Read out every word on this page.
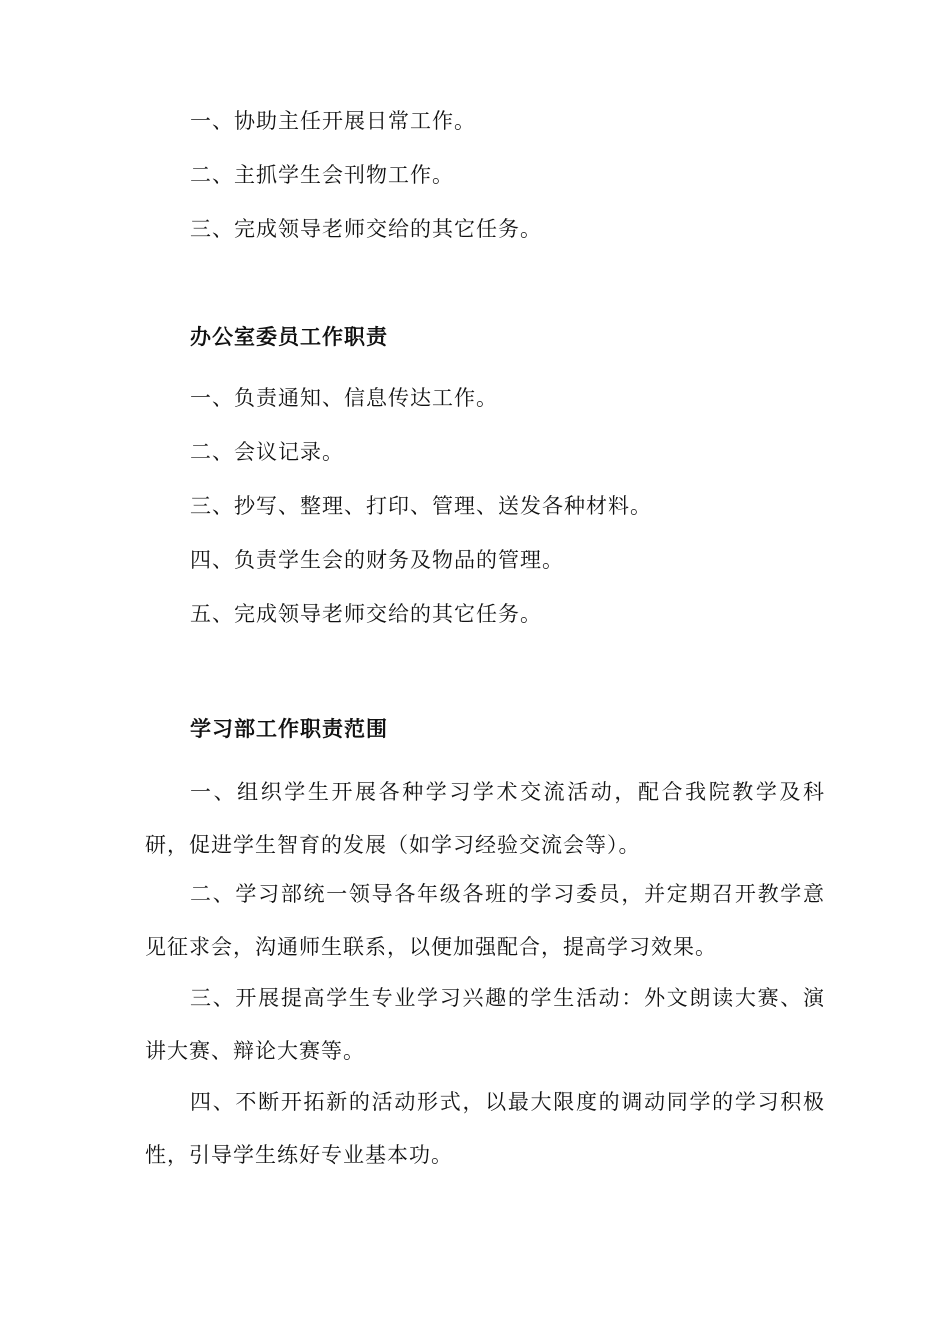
一、协助主任开展日常工作。
二、主抓学生会刊物工作。
三、完成领导老师交给的其它任务。
办公室委员工作职责
一、负责通知、信息传达工作。
二、会议记录。
三、抄写、整理、打印、管理、送发各种材料。
四、负责学生会的财务及物品的管理。
五、完成领导老师交给的其它任务。
学习部工作职责范围
一、组织学生开展各种学习学术交流活动，配合我院教学及科研，促进学生智育的发展（如学习经验交流会等）。
二、学习部统一领导各年级各班的学习委员，并定期召开教学意见征求会，沟通师生联系，以便加强配合，提高学习效果。
三、开展提高学生专业学习兴趣的学生活动：外文朗读大赛、演讲大赛、辩论大赛等。
四、不断开拓新的活动形式，以最大限度的调动同学的学习积极性，引导学生练好专业基本功。
